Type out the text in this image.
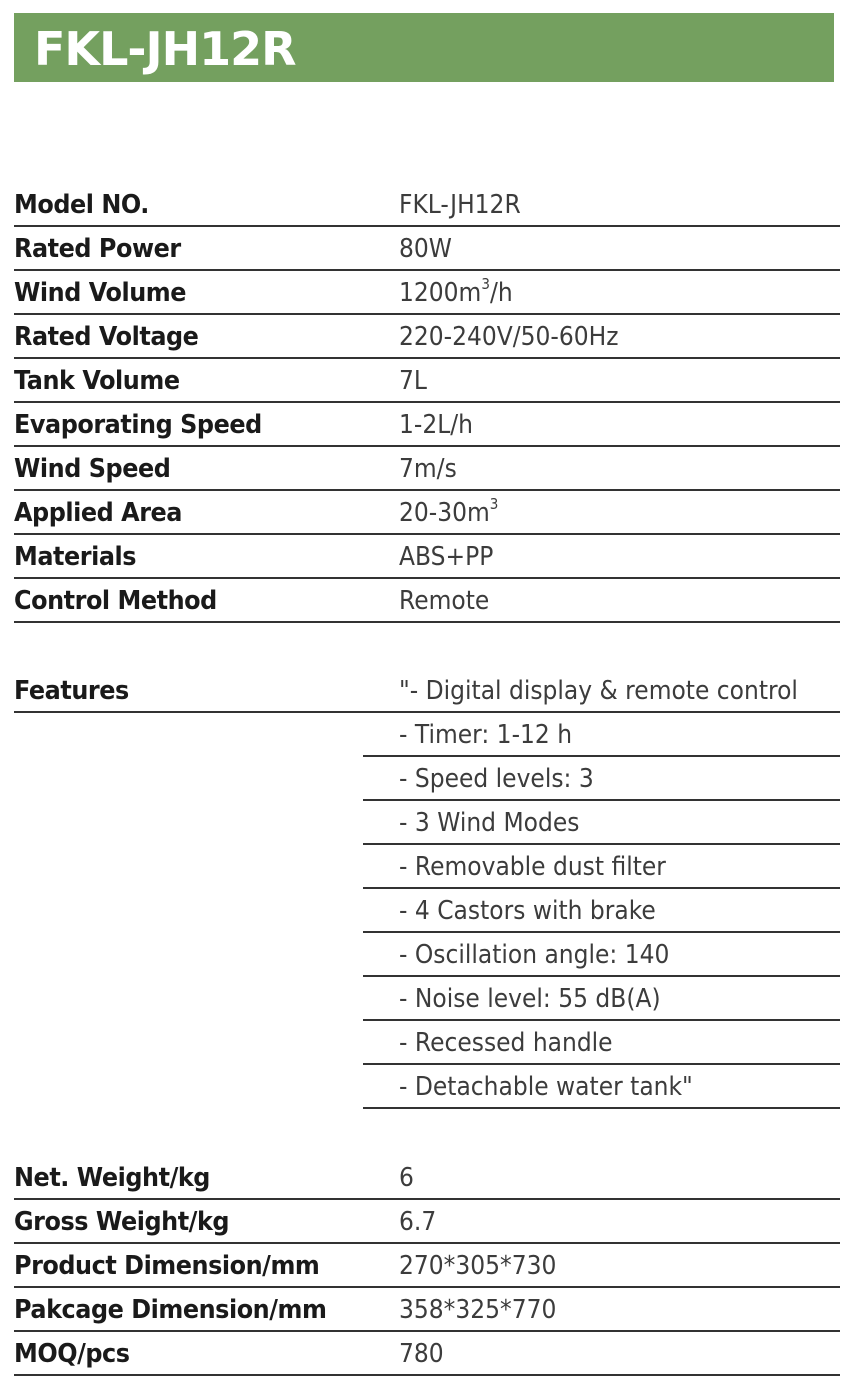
FKL-JH12R
Model NO.	FKL-JH12R
Rated Power	80W
Wind Volume	$1200m^3/h$
Rated Voltage	220-240V/50-60Hz
Tank Volume	7L
Evaporating Speed	1-2L/h
Wind Speed	7m/s
Applied Area	$20-30m^3$
Materials	ABS+PP
Control Method	Remote
Features	"- Digital display & remote control
- Timer: 1-12 h
- Speed levels: 3
- 3 Wind Modes
- Removable dust filter
- 4 Castors with brake
- Oscillation angle: 140
- Noise level: 55 dB(A)
- Recessed handle
- Detachable water tank"
Net. Weight/kg	6
Gross Weight/kg	6.7
Product Dimension/mm	270*305*730
Pakcage Dimension/mm	358*325*770
MOQ/pcs	780
